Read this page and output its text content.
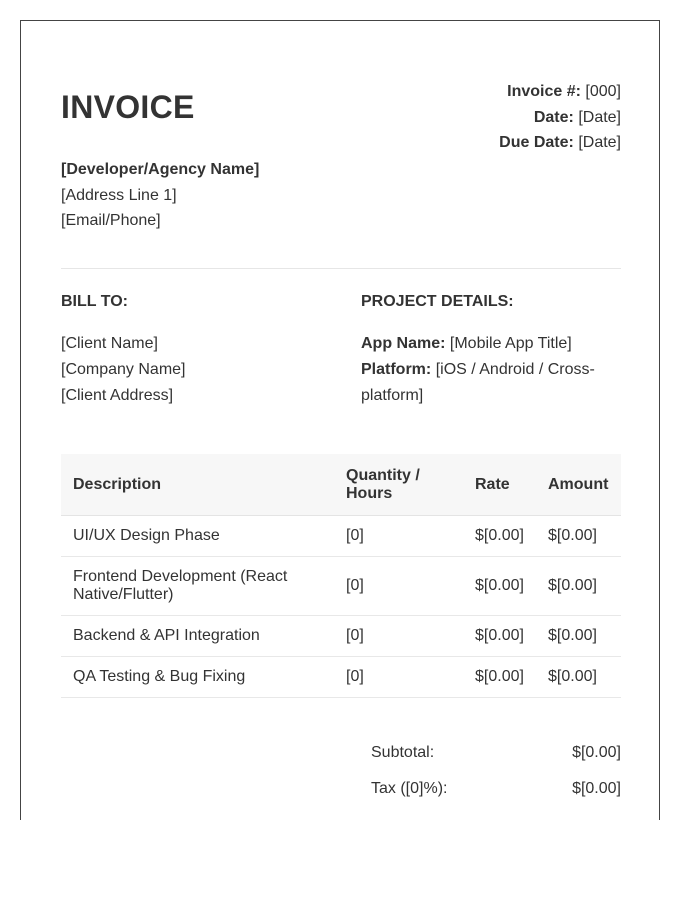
INVOICE	Invoice #: [000]
Date: [Date]
Due Date: [Date]
[Developer/Agency Name]
[Address Line 1]
[Email/Phone]
BILL TO:	PROJECT DETAILS:
[Client Name]
[Company Name]
[Client Address]
App Name: [Mobile App Title]
Platform: [iOS / Android / Cross-platform]
Description	Quantity / Hours	Rate	Amount
UI/UX Design Phase	[0]	$[0.00]	$[0.00]
Frontend Development (React Native/Flutter)	[0]	$[0.00]	$[0.00]
Backend & API Integration	[0]	$[0.00]	$[0.00]
QA Testing & Bug Fixing	[0]	$[0.00]	$[0.00]
Subtotal:	$[0.00]
Tax ([0]%):	$[0.00]
